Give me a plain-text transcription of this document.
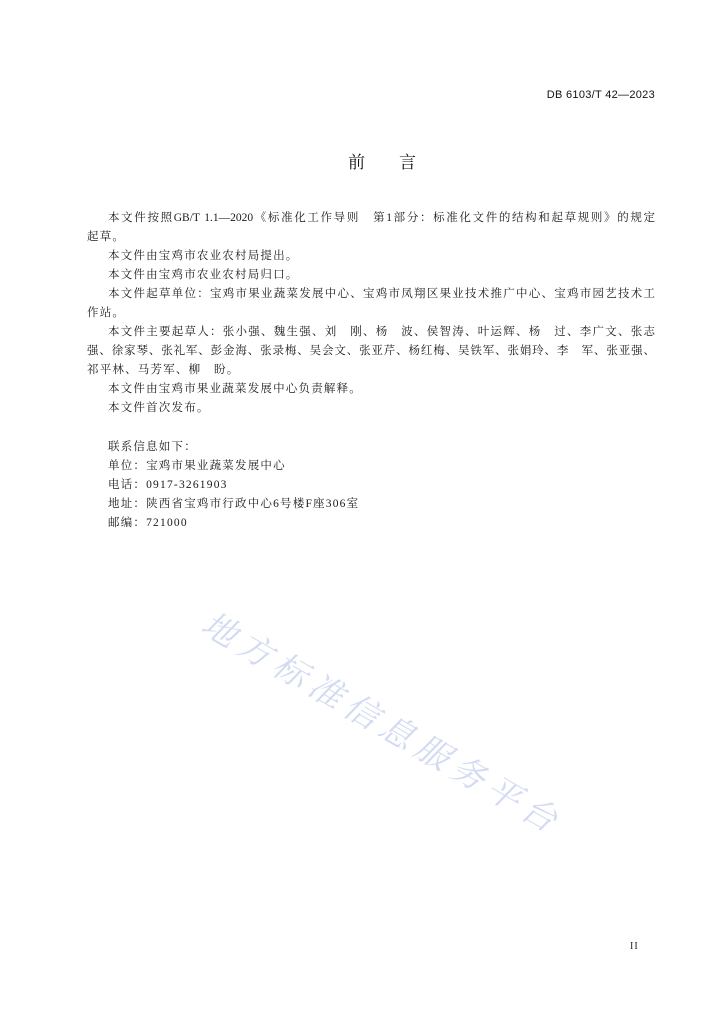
DB 6103/T 42—2023
前　　言
本文件按照GB/T 1.1—2020《标准化工作导则　第1部分：标准化文件的结构和起草规则》的规定
起草。
本文件由宝鸡市农业农村局提出。
本文件由宝鸡市农业农村局归口。
本文件起草单位：宝鸡市果业蔬菜发展中心、宝鸡市凤翔区果业技术推广中心、宝鸡市园艺技术工
作站。
本文件主要起草人：张小强、魏生强、刘　刚、杨　波、侯智涛、叶运辉、杨　过、李广文、张志
强、徐家琴、张礼军、彭金海、张录梅、吴会文、张亚芹、杨红梅、吴铁军、张娟玲、李　军、张亚强、
祁平林、马芳军、柳　盼。
本文件由宝鸡市果业蔬菜发展中心负责解释。
本文件首次发布。
联系信息如下：
单位：宝鸡市果业蔬菜发展中心
电话：0917-3261903
地址：陕西省宝鸡市行政中心6号楼F座306室
邮编：721000
地方标准信息服务平台
II
